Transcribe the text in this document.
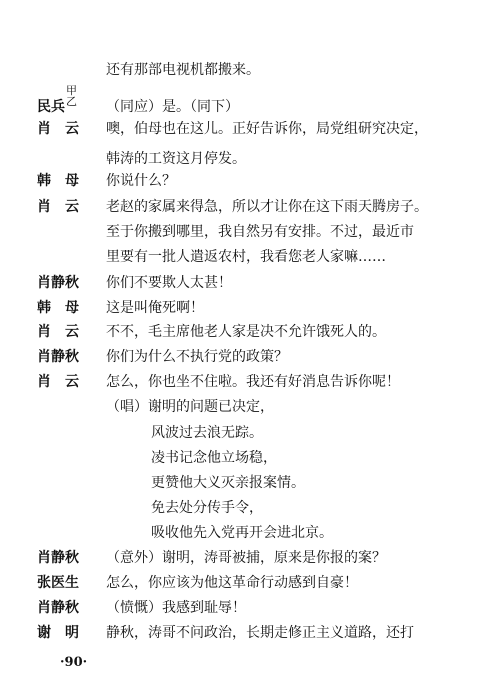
还有那部电视机都搬来。
民兵
甲乙 （同应）是。（同下）
肖　云 噢，伯母也在这儿。正好告诉你，局党组研究决定，
韩涛的工资这月停发。
韩　母 你说什么？
肖　云 老赵的家属来得急，所以才让你在这下雨天腾房子。
至于你搬到哪里，我自然另有安排。不过，最近市
里要有一批人遣返农村，我看您老人家嘛……
肖静秋 你们不要欺人太甚！
韩　母 这是叫俺死啊！
肖　云 不不，毛主席他老人家是决不允许饿死人的。
肖静秋 你们为什么不执行党的政策？
肖　云 怎么，你也坐不住啦。我还有好消息告诉你呢！
（唱）谢明的问题已决定，
风波过去浪无踪。
凌书记念他立场稳，
更赞他大义灭亲报案情。
免去处分传手令，
吸收他先入党再开会进北京。
肖静秋 （意外）谢明，涛哥被捕，原来是你报的案？
张医生 怎么，你应该为他这革命行动感到自豪！
肖静秋 （愤慨）我感到耻辱！
谢　明 静秋，涛哥不问政治，长期走修正主义道路，还打
·90·
